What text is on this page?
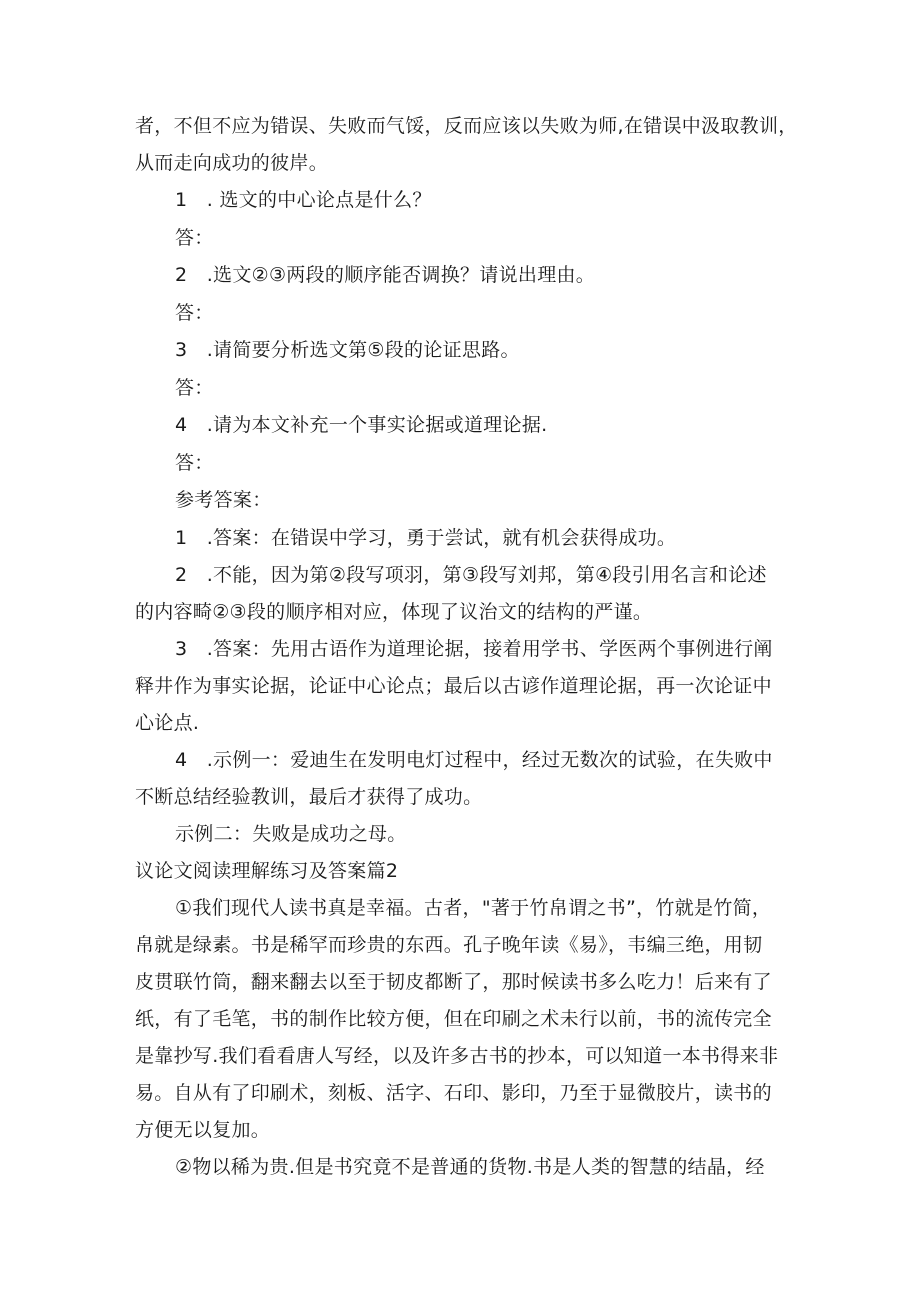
者，不但不应为错误、失败而气馁，反而应该以失败为师,在错误中汲取教训，
从而走向成功的彼岸。
1　. 选文的中心论点是什么？
答：
2　.选文②③两段的顺序能否调换？请说出理由。
答：
3　.请简要分析选文第⑤段的论证思路。
答：
4　.请为本文补充一个事实论据或道理论据.
答：
参考答案：
1　.答案：在错误中学习，勇于尝试，就有机会获得成功。
2　.不能，因为第②段写项羽，第③段写刘邦，第④段引用名言和论述
的内容畸②③段的顺序相对应，体现了议治文的结构的严谨。
3　.答案：先用古语作为道理论据，接着用学书、学医两个事例进行阐
释井作为事实论据，论证中心论点；最后以古谚作道理论据，再一次论证中
心论点.
4　.示例一：爱迪生在发明电灯过程中，经过无数次的试验，在失败中
不断总结经验教训，最后才获得了成功。
示例二：失败是成功之母。
议论文阅读理解练习及答案篇2
①我们现代人读书真是幸福。古者，"著于竹帛谓之书”，竹就是竹简，
帛就是绿素。书是稀罕而珍贵的东西。孔子晚年读《易》，韦编三绝，用韧
皮贯联竹筒，翻来翻去以至于韧皮都断了，那时候读书多么吃力！后来有了
纸，有了毛笔，书的制作比较方便，但在印刷之术未行以前，书的流传完全
是靠抄写.我们看看唐人写经，以及许多古书的抄本，可以知道一本书得来非
易。自从有了印刷术，刻板、活字、石印、影印，乃至于显微胶片，读书的
方便无以复加。
②物以稀为贵.但是书究竟不是普通的货物.书是人类的智慧的结晶，经
